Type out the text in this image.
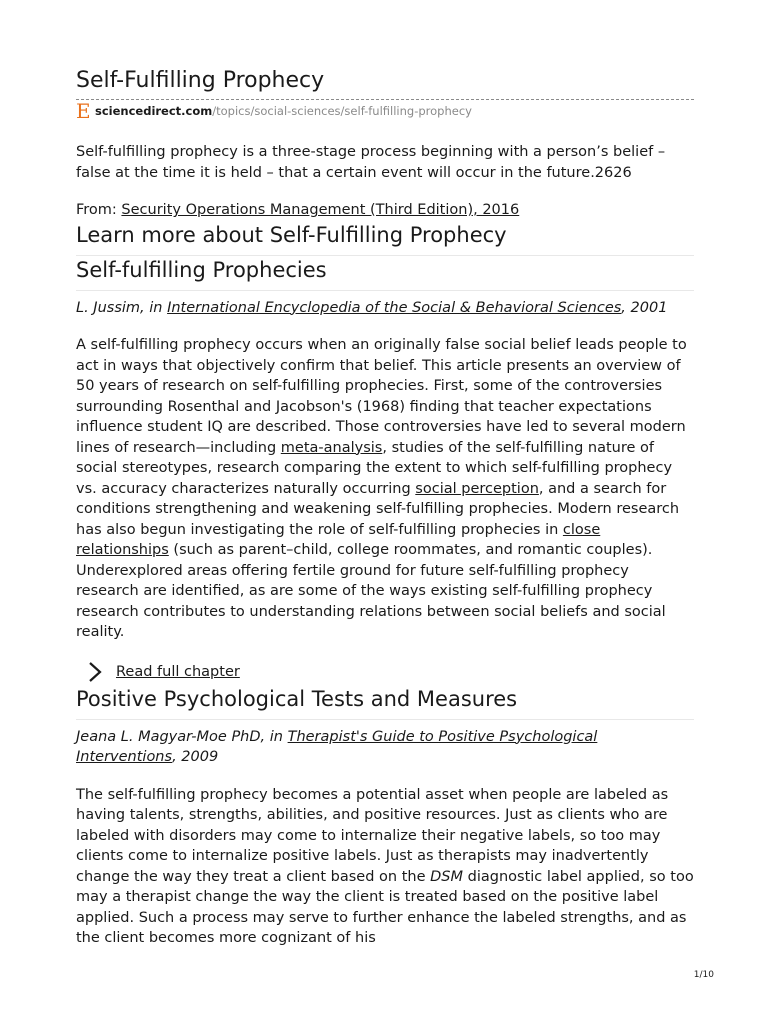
Self-Fulfilling Prophecy
E sciencedirect.com /topics/social-sciences/self-fulfilling-prophecy

Self-fulfilling prophecy is a three-stage process beginning with a person’s belief – false at the time it is held – that a certain event will occur in the future.2626

From: Security Operations Management (Third Edition), 2016

Learn more about Self-Fulfilling Prophecy
Self-fulfilling Prophecies

L. Jussim, in International Encyclopedia of the Social & Behavioral Sciences, 2001

A self-fulfilling prophecy occurs when an originally false social belief leads people to act in ways that objectively confirm that belief. This article presents an overview of 50 years of research on self-fulfilling prophecies. First, some of the controversies surrounding Rosenthal and Jacobson's (1968) finding that teacher expectations influence student IQ are described. Those controversies have led to several modern lines of research—including meta-analysis, studies of the self-fulfilling nature of social stereotypes, research comparing the extent to which self-fulfilling prophecy vs. accuracy characterizes naturally occurring social perception, and a search for conditions strengthening and weakening self-fulfilling prophecies. Modern research has also begun investigating the role of self-fulfilling prophecies in close relationships (such as parent–child, college roommates, and romantic couples). Underexplored areas offering fertile ground for future self-fulfilling prophecy research are identified, as are some of the ways existing self-fulfilling prophecy research contributes to understanding relations between social beliefs and social reality.

Read full chapter
Positive Psychological Tests and Measures

Jeana L. Magyar-Moe PhD, in Therapist's Guide to Positive Psychological Interventions, 2009

The self-fulfilling prophecy becomes a potential asset when people are labeled as having talents, strengths, abilities, and positive resources. Just as clients who are labeled with disorders may come to internalize their negative labels, so too may clients come to internalize positive labels. Just as therapists may inadvertently change the way they treat a client based on the DSM diagnostic label applied, so too may a therapist change the way the client is treated based on the positive label applied. Such a process may serve to further enhance the labeled strengths, and as the client becomes more cognizant of his

1/10
